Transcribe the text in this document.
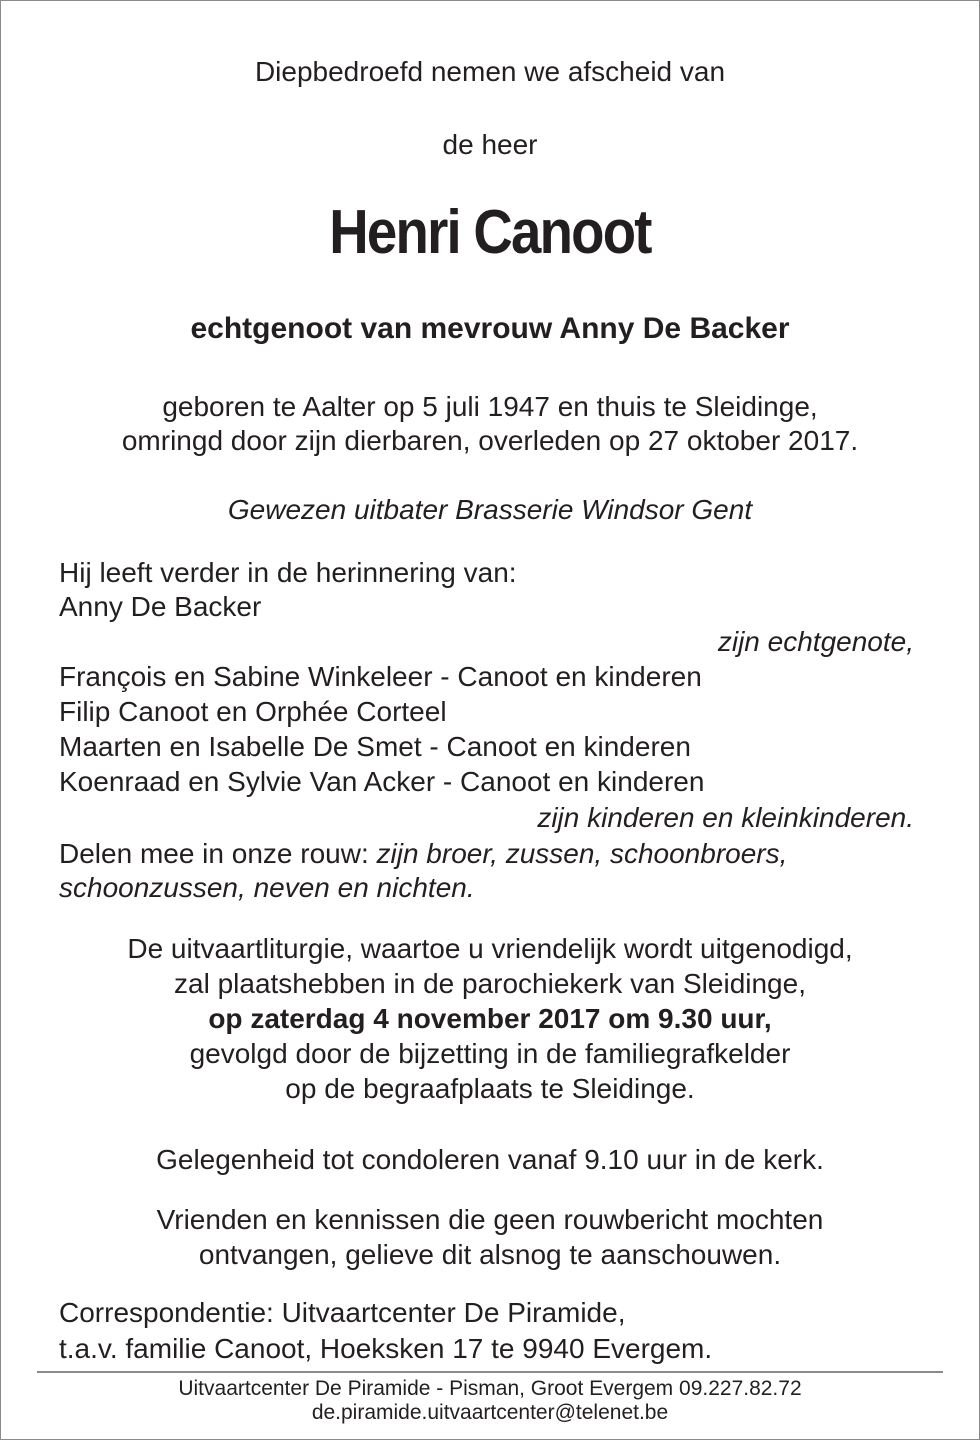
Diepbedroefd nemen we afscheid van
de heer
Henri Canoot
echtgenoot van mevrouw Anny De Backer
geboren te Aalter op 5 juli 1947 en thuis te Sleidinge,
omringd door zijn dierbaren, overleden op 27 oktober 2017.
Gewezen uitbater Brasserie Windsor Gent
Hij leeft verder in de herinnering van:
Anny De Backer
zijn echtgenote,
François en Sabine Winkeleer - Canoot en kinderen
Filip Canoot en Orphée Corteel
Maarten en Isabelle De Smet - Canoot en kinderen
Koenraad en Sylvie Van Acker - Canoot en kinderen
zijn kinderen en kleinkinderen.
Delen mee in onze rouw: zijn broer, zussen, schoonbroers,
schoonzussen, neven en nichten.
De uitvaartliturgie, waartoe u vriendelijk wordt uitgenodigd,
zal plaatshebben in de parochiekerk van Sleidinge,
op zaterdag 4 november 2017 om 9.30 uur,
gevolgd door de bijzetting in de familiegrafkelder
op de begraafplaats te Sleidinge.
Gelegenheid tot condoleren vanaf 9.10 uur in de kerk.
Vrienden en kennissen die geen rouwbericht mochten
ontvangen, gelieve dit alsnog te aanschouwen.
Correspondentie: Uitvaartcenter De Piramide,
t.a.v. familie Canoot, Hoeksken 17 te 9940 Evergem.
Uitvaartcenter De Piramide - Pisman, Groot Evergem 09.227.82.72
de.piramide.uitvaartcenter@telenet.be
